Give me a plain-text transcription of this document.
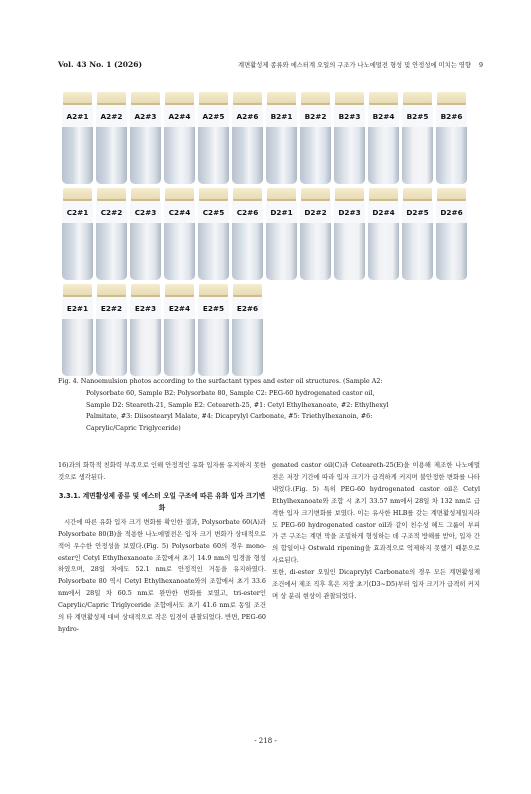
Vol. 43 No. 1 (2026)	계면활성제 종류와 에스터계 오일의 구조가 나노에멀전 형성 및 안정성에 미치는 영향 9
A2#1	A2#2	A2#3	A2#4	A2#5	A2#6	B2#1	B2#2	B2#3	B2#4	B2#5	B2#6
C2#1	C2#2	C2#3	C2#4	C2#5	C2#6	D2#1	D2#2	D2#3	D2#4	D2#5	D2#6
E2#1	E2#2	E2#3	E2#4	E2#5	E2#6
Fig. 4. Nanoemulsion photos according to the surfactant types and ester oil structures. (Sample A2:
Polysorbate 60, Sample B2: Polysorbate 80, Sample C2: PEG-60 hydrogenated castor oil,
Sample D2: Steareth-21, Sample E2: Ceteareth-25, #1: Cetyl Ethylhexanoate, #2: Ethylhexyl
Palmitate, #3: Diisostearyl Malate, #4: Dicaprylyl Carbonate, #5: Triethylhexanoin, #6:
Caprylic/Capric Triglyceride)

16)과의 화학적 친화력 부족으로 인해 안정적인 유화 입자를 유지하지 못한 것으로 생각된다.

3.3.1. 계면활성제 종류 및 에스터 오일 구조에 따른 유화 입자 크기변화

시간에 따른 유화 입자 크기 변화를 확인한 결과, Polysorbate 60(A)과 Polysorbate 80(B)을 적용한 나노에멀전은 입자 크기 변화가 상대적으로 적어 우수한 안정성을 보였다.(Fig. 5) Polysorbate 60의 경우 mono-ester인 Cetyl Ethylhexanoate 조합에서 초기 14.9 nm의 입경을 형성하였으며, 28일 차에도 52.1 nm로 안정적인 거동을 유지하였다. Polysorbate 80 역시 Cetyl Ethylhexanoate와의 조합에서 초기 33.6 nm에서 28일 차 60.5 nm로 완만한 변화를 보였고, tri-ester인 Caprylic/Capric Triglyceride 조합에서도 초기 41.6 nm로 동일 조건의 타 계면활성제 대비 상대적으로 작은 입경이 관찰되었다. 반면, PEG-60 hydro-

genated castor oil(C)과 Ceteareth-25(E)을 이용해 제조한 나노에멀전은 저장 기간에 따라 입자 크기가 급격하게 커지며 불안정한 변화를 나타내었다.(Fig. 5) 특히 PEG-60 hydrogenated castor oil은 Cetyl Ethylhexanoate와 조합 시 초기 33.57 nm에서 28일 차 132 nm로 급격한 입자 크기변화를 보였다. 이는 유사한 HLB를 갖는 계면활성제일지라도 PEG-60 hydrogenated castor oil과 같이 친수성 헤드 그룹이 부피가 큰 구조는 계면 막을 조밀하게 형성하는 데 구조적 방해를 받아, 입자 간의 합일이나 Ostwald ripening을 효과적으로 억제하지 못했기 때문으로 사료된다.

또한, di-ester 오일인 Dicaprylyl Carbonate의 경우 모든 계면활성제 조건에서 제조 직후 혹은 저장 초기(D3~D5)부터 입자 크기가 급격히 커지며 상 분리 현상이 관찰되었다.

- 218 -
